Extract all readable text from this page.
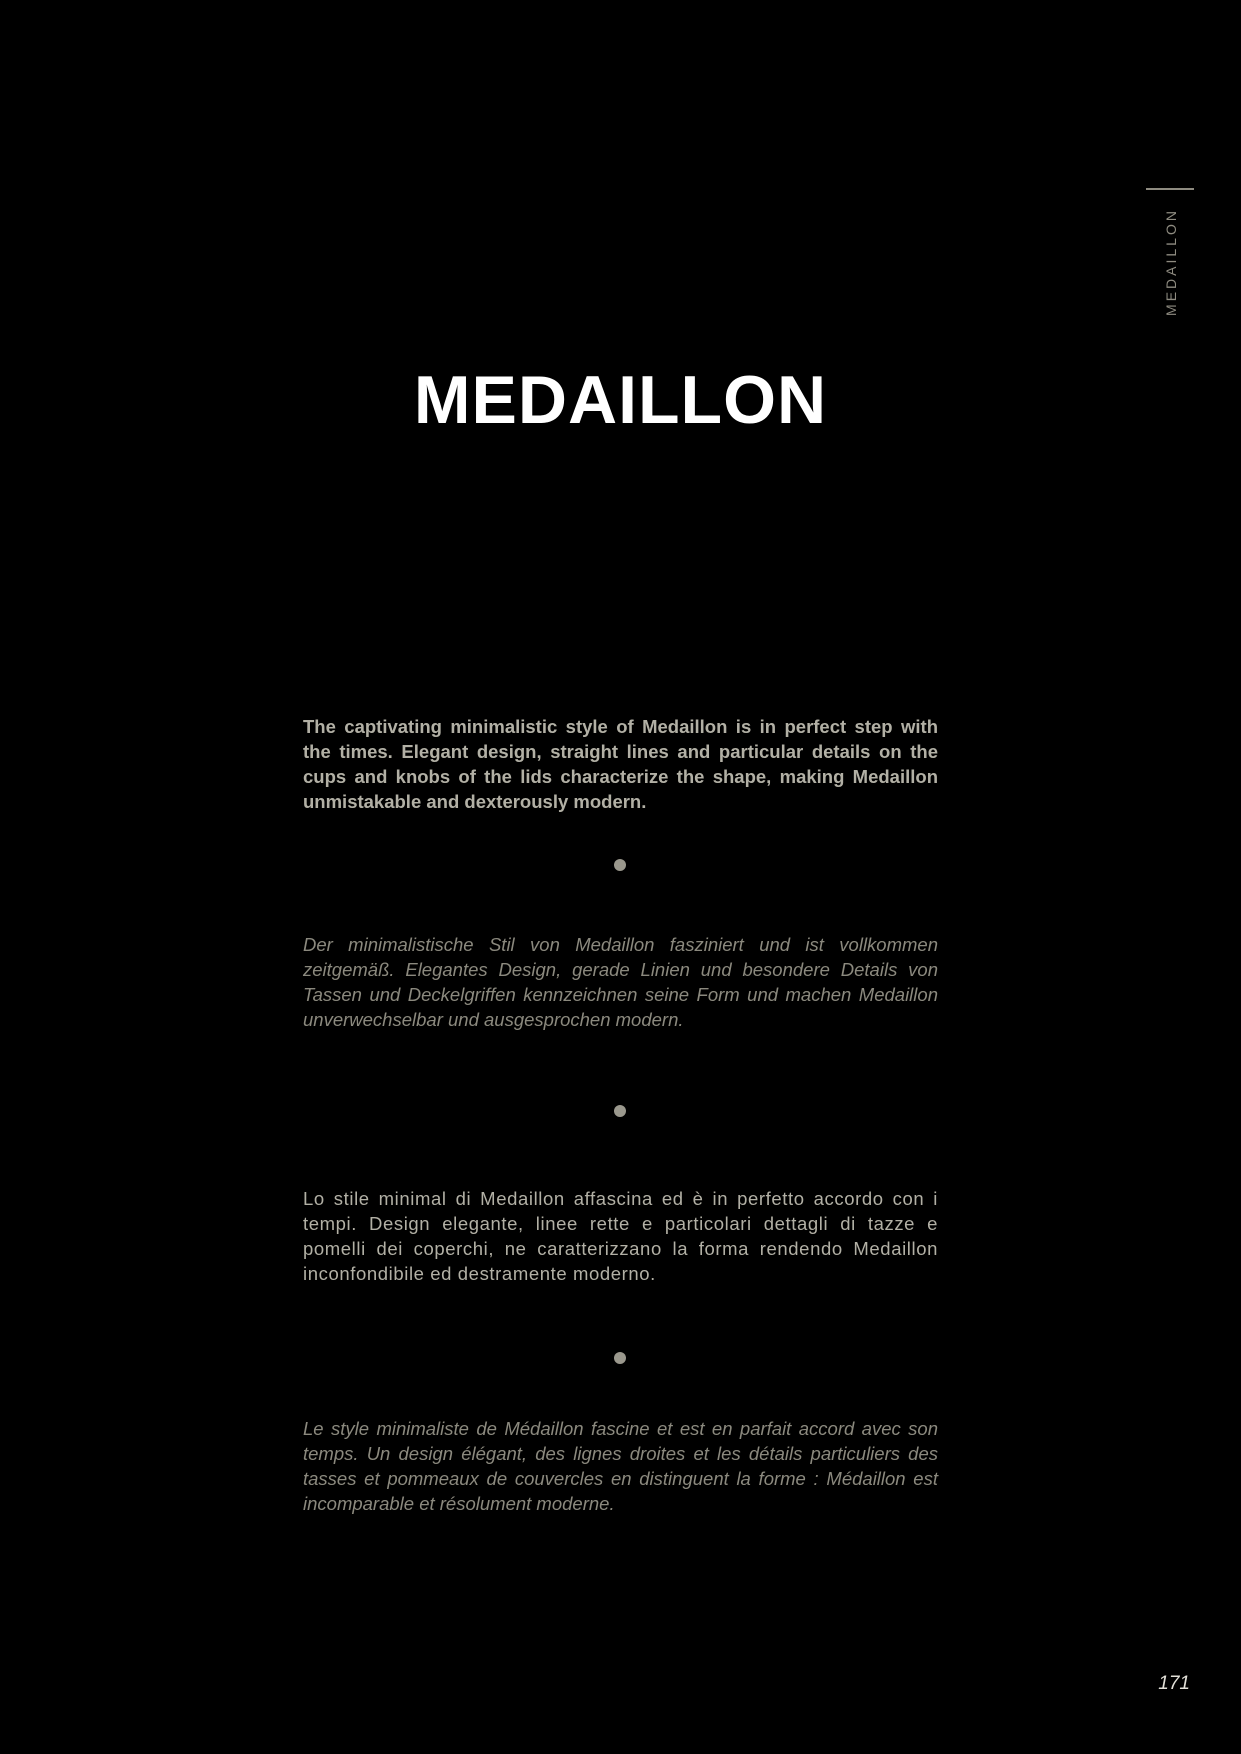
MEDAILLON
MEDAILLON

The captivating minimalistic style of Medaillon is in perfect step with the times. Elegant design, straight lines and particular details on the cups and knobs of the lids characterize the shape, making Medaillon unmistakable and dexterously modern.

Der minimalistische Stil von Medaillon fasziniert und ist vollkommen zeitgemäß. Elegantes Design, gerade Linien und besondere Details von Tassen und Deckelgriffen kennzeichnen seine Form und machen Medaillon unverwechselbar und ausgesprochen modern.

Lo stile minimal di Medaillon affascina ed è in perfetto accordo con i tempi. Design elegante, linee rette e particolari dettagli di tazze e pomelli dei coperchi, ne caratterizzano la forma rendendo Medaillon inconfondibile ed destramente moderno.

Le style minimaliste de Médaillon fascine et est en parfait accord avec son temps. Un design élégant, des lignes droites et les détails particuliers des tasses et pommeaux de couvercles en distinguent la forme : Médaillon est incomparable et résolument moderne.

171
